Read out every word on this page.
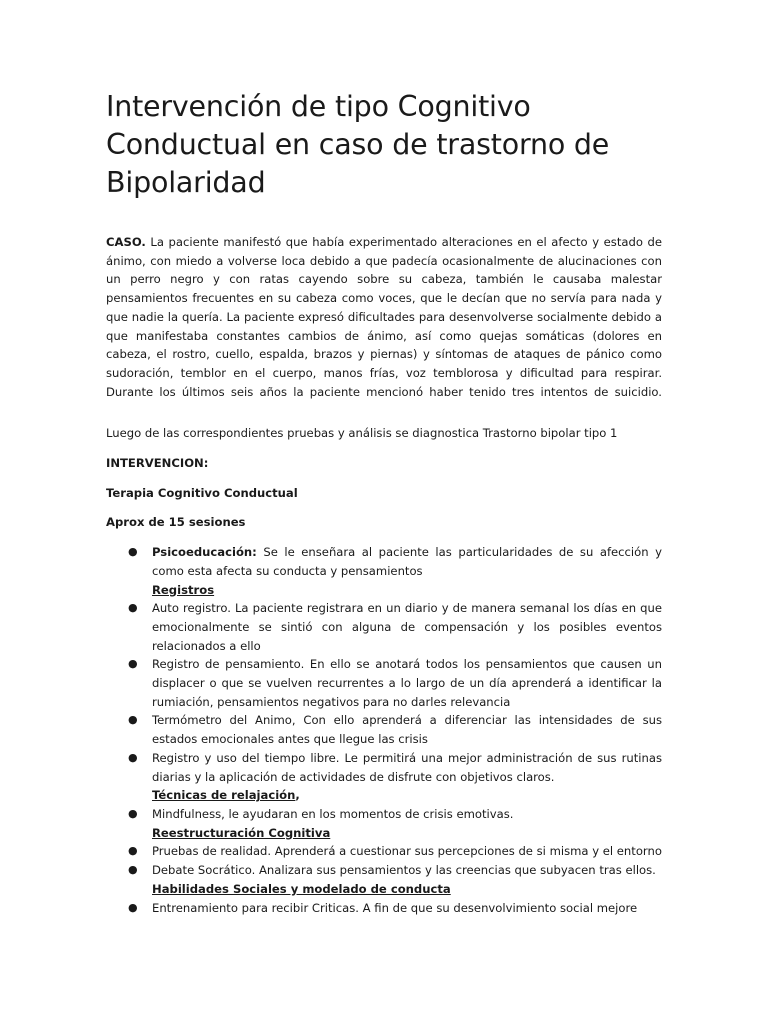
Intervención de tipo Cognitivo
Conductual en caso de trastorno de
Bipolaridad

CASO. La paciente manifestó que había experimentado alteraciones en el afecto y estado de ánimo, con miedo a volverse loca debido a que padecía ocasionalmente de alucinaciones con un perro negro y con ratas cayendo sobre su cabeza, también le causaba malestar pensamientos frecuentes en su cabeza como voces, que le decían que no servía para nada y que nadie la quería. La paciente expresó dificultades para desenvolverse socialmente debido a que manifestaba constantes cambios de ánimo, así como quejas somáticas (dolores en cabeza, el rostro, cuello, espalda, brazos y piernas) y síntomas de ataques de pánico como sudoración, temblor en el cuerpo, manos frías, voz temblorosa y dificultad para respirar. Durante los últimos seis años la paciente mencionó haber tenido tres intentos de suicidio.

Luego de las correspondientes pruebas y análisis se diagnostica Trastorno bipolar tipo 1
INTERVENCION:
Terapia Cognitivo Conductual
Aprox de 15 sesiones
● Psicoeducación: Se le enseñara al paciente las particularidades de su afección y como esta afecta su conducta y pensamientos
Registros
● Auto registro. La paciente registrara en un diario y de manera semanal los días en que emocionalmente se sintió con alguna de compensación y los posibles eventos relacionados a ello
● Registro de pensamiento. En ello se anotará todos los pensamientos que causen un displacer o que se vuelven recurrentes a lo largo de un día aprenderá a identificar la rumiación, pensamientos negativos para no darles relevancia
● Termómetro del Animo, Con ello aprenderá a diferenciar las intensidades de sus estados emocionales antes que llegue las crisis
● Registro y uso del tiempo libre. Le permitirá una mejor administración de sus rutinas diarias y la aplicación de actividades de disfrute con objetivos claros.
Técnicas de relajación,
● Mindfulness, le ayudaran en los momentos de crisis emotivas.
Reestructuración Cognitiva
● Pruebas de realidad. Aprenderá a cuestionar sus percepciones de si misma y el entorno
● Debate Socrático. Analizara sus pensamientos y las creencias que subyacen tras ellos.
Habilidades Sociales y modelado de conducta
● Entrenamiento para recibir Criticas. A fin de que su desenvolvimiento social mejore
